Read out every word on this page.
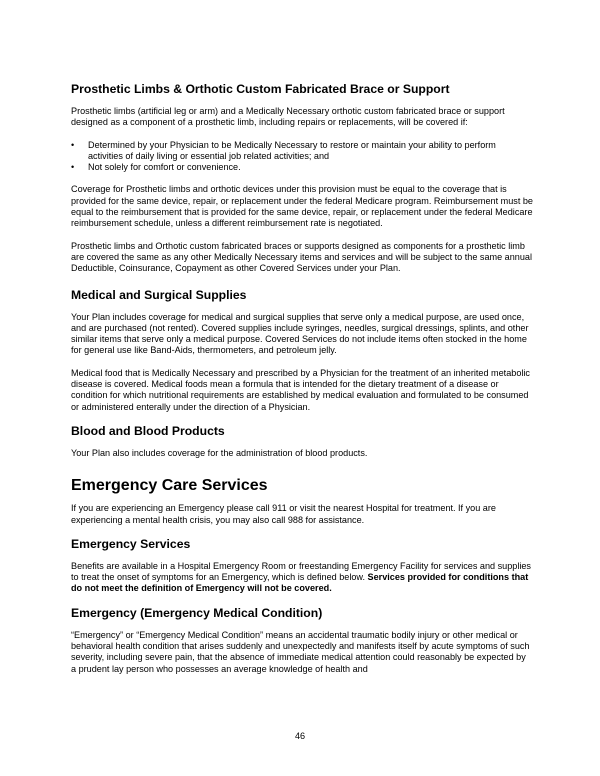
Prosthetic Limbs & Orthotic Custom Fabricated Brace or Support
Prosthetic limbs (artificial leg or arm) and a Medically Necessary orthotic custom fabricated brace or support designed as a component of a prosthetic limb, including repairs or replacements, will be covered if:
• Determined by your Physician to be Medically Necessary to restore or maintain your ability to perform activities of daily living or essential job related activities; and
• Not solely for comfort or convenience.
Coverage for Prosthetic limbs and orthotic devices under this provision must be equal to the coverage that is provided for the same device, repair, or replacement under the federal Medicare program. Reimbursement must be equal to the reimbursement that is provided for the same device, repair, or replacement under the federal Medicare reimbursement schedule, unless a different reimbursement rate is negotiated.
Prosthetic limbs and Orthotic custom fabricated braces or supports designed as components for a prosthetic limb are covered the same as any other Medically Necessary items and services and will be subject to the same annual Deductible, Coinsurance, Copayment as other Covered Services under your Plan.
Medical and Surgical Supplies
Your Plan includes coverage for medical and surgical supplies that serve only a medical purpose, are used once, and are purchased (not rented). Covered supplies include syringes, needles, surgical dressings, splints, and other similar items that serve only a medical purpose. Covered Services do not include items often stocked in the home for general use like Band-Aids, thermometers, and petroleum jelly.
Medical food that is Medically Necessary and prescribed by a Physician for the treatment of an inherited metabolic disease is covered. Medical foods mean a formula that is intended for the dietary treatment of a disease or condition for which nutritional requirements are established by medical evaluation and formulated to be consumed or administered enterally under the direction of a Physician.
Blood and Blood Products
Your Plan also includes coverage for the administration of blood products.
Emergency Care Services
If you are experiencing an Emergency please call 911 or visit the nearest Hospital for treatment. If you are experiencing a mental health crisis, you may also call 988 for assistance.
Emergency Services
Benefits are available in a Hospital Emergency Room or freestanding Emergency Facility for services and supplies to treat the onset of symptoms for an Emergency, which is defined below. Services provided for conditions that do not meet the definition of Emergency will not be covered.
Emergency (Emergency Medical Condition)
“Emergency” or “Emergency Medical Condition” means an accidental traumatic bodily injury or other medical or behavioral health condition that arises suddenly and unexpectedly and manifests itself by acute symptoms of such severity, including severe pain, that the absence of immediate medical attention could reasonably be expected by a prudent lay person who possesses an average knowledge of health and
46
